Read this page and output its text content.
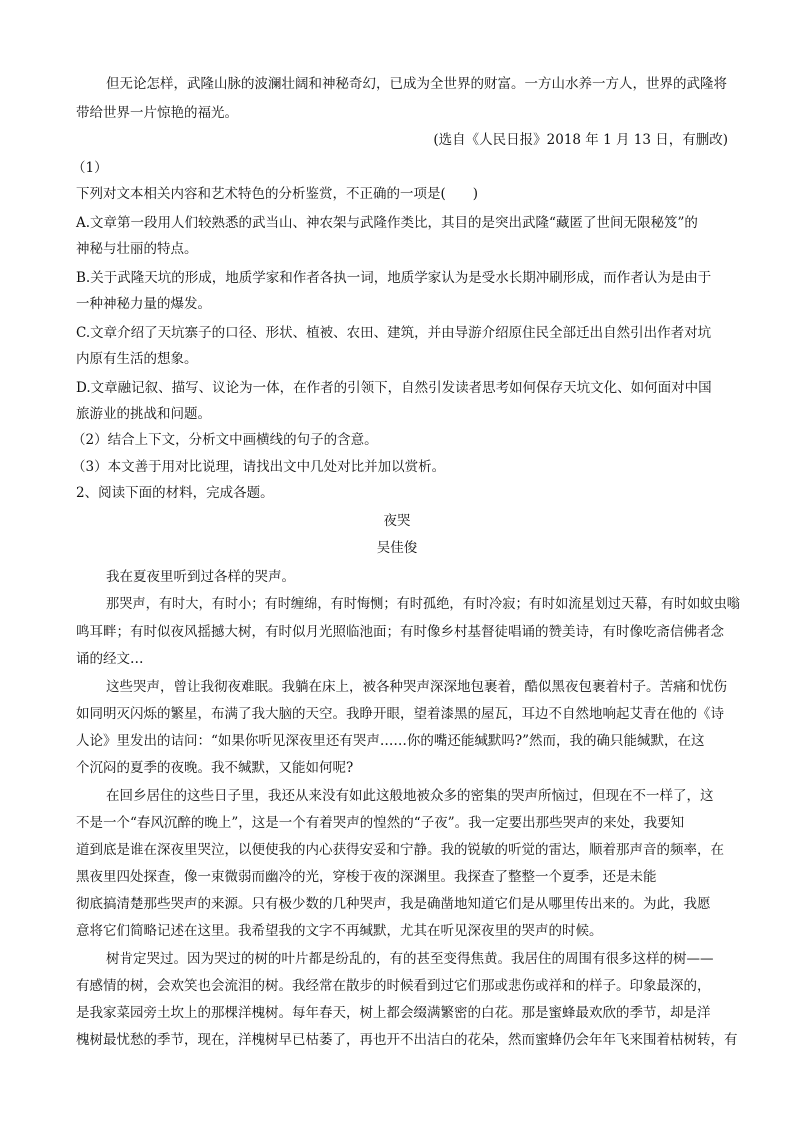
但无论怎样，武隆山脉的波澜壮阔和神秘奇幻，已成为全世界的财富。一方山水养一方人，世界的武隆将
带给世界一片惊艳的福光。
(选自《人民日报》2018 年 1 月 13 日，有删改)
（1）
下列对文本相关内容和艺术特色的分析鉴赏，不正确的一项是(　　)
A.文章第一段用人们较熟悉的武当山、神农架与武隆作类比，其目的是突出武隆“藏匿了世间无限秘笈”的
神秘与壮丽的特点。
B.关于武隆天坑的形成，地质学家和作者各执一词，地质学家认为是受水长期冲刷形成，而作者认为是由于
一种神秘力量的爆发。
C.文章介绍了天坑寨子的口径、形状、植被、农田、建筑，并由导游介绍原住民全部迁出自然引出作者对坑
内原有生活的想象。
D.文章融记叙、描写、议论为一体，在作者的引领下，自然引发读者思考如何保存天坑文化、如何面对中国
旅游业的挑战和问题。
（2）结合上下文，分析文中画横线的句子的含意。
（3）本文善于用对比说理，请找出文中几处对比并加以赏析。
2、阅读下面的材料，完成各题。
夜哭
吴佳俊
我在夏夜里听到过各样的哭声。
那哭声，有时大，有时小；有时缠绵，有时悔恻；有时孤绝，有时冷寂；有时如流星划过天幕，有时如蚊虫嗡
鸣耳畔；有时似夜风摇撼大树，有时似月光照临池面；有时像乡村基督徒唱诵的赞美诗，有时像吃斋信佛者念
诵的经文…
这些哭声，曾让我彻夜难眠。我躺在床上，被各种哭声深深地包裹着，酷似黑夜包裹着村子。苦痛和忧伤
如同明灭闪烁的繁星，布满了我大脑的天空。我睁开眼，望着漆黑的屋瓦，耳边不自然地响起艾青在他的《诗
人论》里发出的诘问：“如果你听见深夜里还有哭声……你的嘴还能缄默吗?”然而，我的确只能缄默，在这
个沉闷的夏季的夜晚。我不缄默，又能如何呢?
在回乡居住的这些日子里，我还从来没有如此这般地被众多的密集的哭声所恼过，但现在不一样了，这
不是一个“春风沉醉的晚上”，这是一个有着哭声的惶然的“子夜”。我一定要出那些哭声的来处，我要知
道到底是谁在深夜里哭泣，以便使我的内心获得安妥和宁静。我的锐敏的听觉的雷达，顺着那声音的频率，在
黑夜里四处探查，像一束微弱而幽冷的光，穿梭于夜的深渊里。我探查了整整一个夏季，还是未能
彻底搞清楚那些哭声的来源。只有极少数的几种哭声，我是确凿地知道它们是从哪里传出来的。为此，我愿
意将它们简略记述在这里。我希望我的文字不再缄默，尤其在听见深夜里的哭声的时候。
树肯定哭过。因为哭过的树的叶片都是纷乱的，有的甚至变得焦黄。我居住的周围有很多这样的树——
有感情的树，会欢笑也会流泪的树。我经常在散步的时候看到过它们那或悲伤或祥和的样子。印象最深的，
是我家菜园旁土坎上的那棵洋槐树。每年春天，树上都会缀满繁密的白花。那是蜜蜂最欢欣的季节，却是洋
槐树最忧愁的季节，现在，洋槐树早已枯萎了，再也开不出洁白的花朵，然而蜜蜂仍会年年飞来围着枯树转，有
